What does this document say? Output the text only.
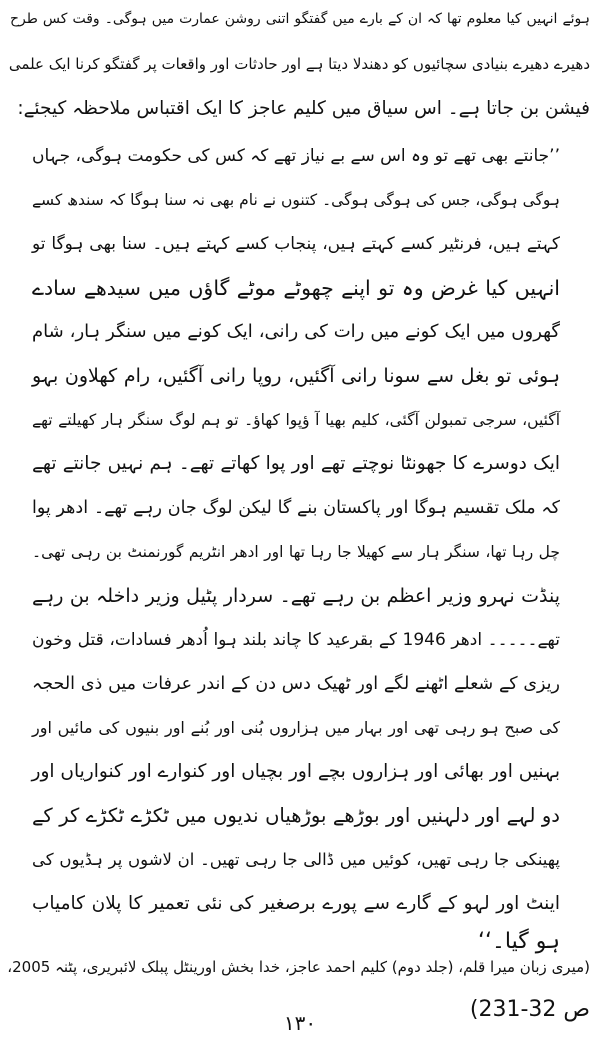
ہوئے انہیں کیا معلوم تھا کہ ان کے بارے میں گفتگو اتنی روشن عمارت میں ہوگی۔ وقت کس طرح

دھیرے دھیرے بنیادی سچائیوں کو دھندلا دیتا ہے اور حادثات اور واقعات پر گفتگو کرنا ایک علمی

فیشن بن جاتا ہے۔ اس سیاق میں کلیم عاجز کا ایک اقتباس ملاحظہ کیجئے:

’’جانتے بھی تھے تو وہ اس سے بے نیاز تھے کہ کس کی حکومت ہوگی، جہاں

ہوگی ہوگی، جس کی ہوگی ہوگی۔ کتنوں نے نام بھی نہ سنا ہوگا کہ سندھ کسے

کہتے ہیں، فرنٹیر کسے کہتے ہیں، پنجاب کسے کہتے ہیں۔ سنا بھی ہوگا تو

انہیں کیا غرض وہ تو اپنے چھوٹے موٹے گاؤں میں سیدھے سادے

گھروں میں ایک کونے میں رات کی رانی، ایک کونے میں سنگر ہار، شام

ہوئی تو بغل سے سونا رانی آگئیں، روپا رانی آگئیں، رام کھلاون بہو

آگئیں، سرجی تمبولن آگئی، کلیم بھیا آ ؤپوا کھاؤ۔ تو ہم لوگ سنگر ہار کھیلتے تھے

ایک دوسرے کا جھونٹا نوچتے تھے اور پوا کھاتے تھے۔ ہم نہیں جانتے تھے

کہ ملک تقسیم ہوگا اور پاکستان بنے گا لیکن لوگ جان رہے تھے۔ ادھر پوا

چل رہا تھا، سنگر ہار سے کھیلا جا رہا تھا اور ادھر انٹریم گورنمنٹ بن رہی تھی۔

پنڈت نہرو وزیر اعظم بن رہے تھے۔ سردار پٹیل وزیر داخلہ بن رہے

تھے۔۔۔۔۔ ادھر 1946 کے بقرعید کا چاند بلند ہوا اُدھر فسادات، قتل وخون

ریزی کے شعلے اٹھنے لگے اور ٹھیک دس دن کے اندر عرفات میں ذی الحجہ

کی صبح ہو رہی تھی اور بہار میں ہزاروں بُنی اور بُنے اور بنیوں کی مائیں اور

بہنیں اور بھائی اور ہزاروں بچے اور بچیاں اور کنوارے اور کنواریاں اور

دو لہے اور دلہنیں اور بوڑھے بوڑھیاں ندیوں میں ٹکڑے ٹکڑے کر کے

پھینکی جا رہی تھیں، کوئیں میں ڈالی جا رہی تھیں۔ ان لاشوں پر ہڈیوں کی

اینٹ اور لہو کے گارے سے پورے برصغیر کی نئی تعمیر کا پلان کامیاب

ہو گیا۔‘‘

(میری زبان میرا قلم، (جلد دوم) کلیم احمد عاجز، خدا بخش اورینٹل پبلک لائبریری، پٹنہ 2005،

ص 32-231)

۱۳۰
